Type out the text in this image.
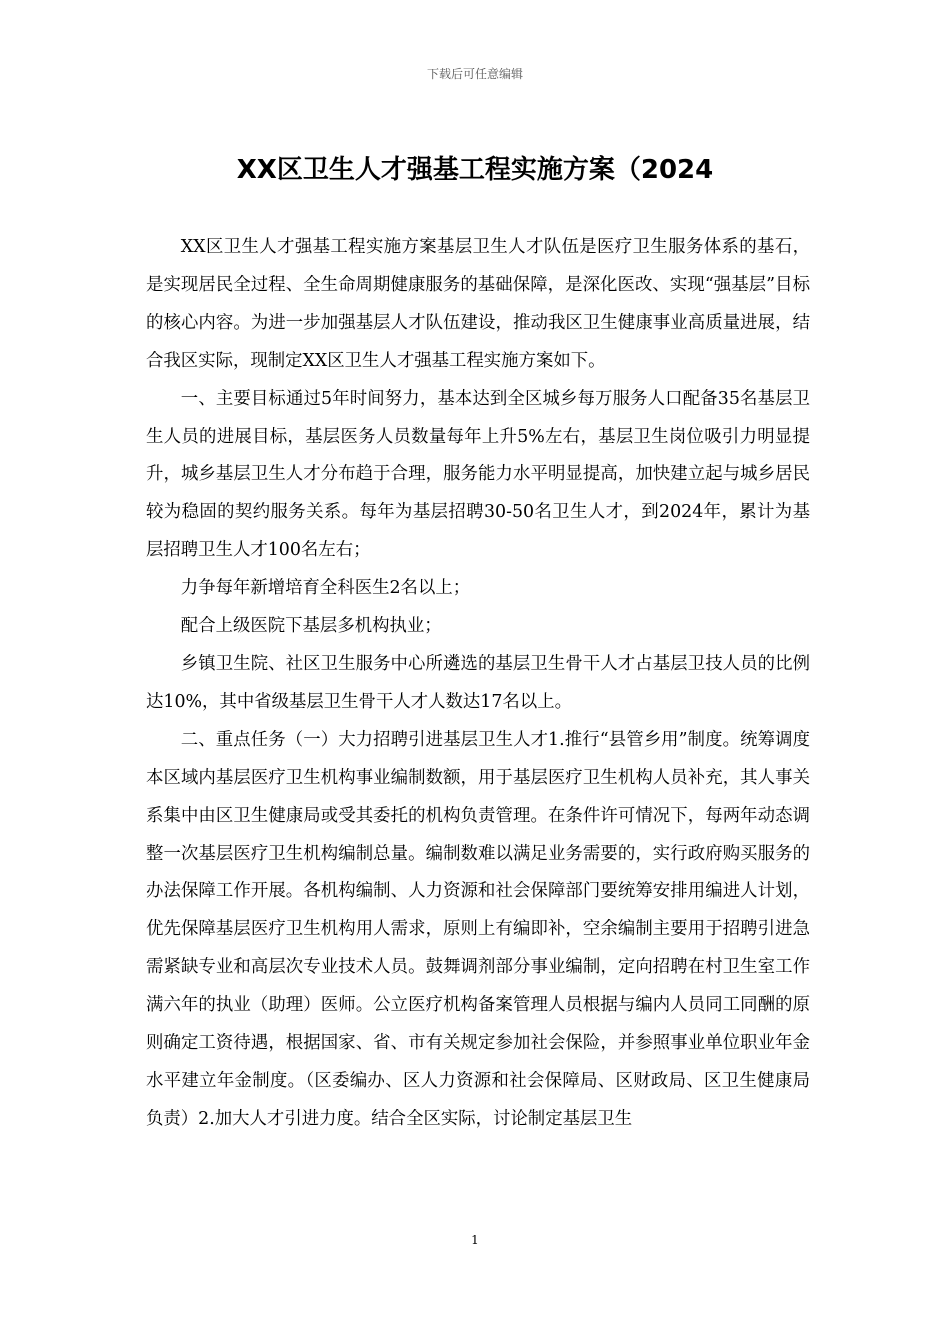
下载后可任意编辑
XX区卫生人才强基工程实施方案（2024

XX区卫生人才强基工程实施方案基层卫生人才队伍是医疗卫生服务体系的基石，是实现居民全过程、全生命周期健康服务的基础保障，是深化医改、实现“强基层”目标的核心内容。为进一步加强基层人才队伍建设，推动我区卫生健康事业高质量进展，结合我区实际，现制定XX区卫生人才强基工程实施方案如下。

一、主要目标通过5年时间努力，基本达到全区城乡每万服务人口配备35名基层卫生人员的进展目标，基层医务人员数量每年上升5%左右，基层卫生岗位吸引力明显提升，城乡基层卫生人才分布趋于合理，服务能力水平明显提高，加快建立起与城乡居民较为稳固的契约服务关系。每年为基层招聘30-50名卫生人才，到2024年，累计为基层招聘卫生人才100名左右；

力争每年新增培育全科医生2名以上；

配合上级医院下基层多机构执业；

乡镇卫生院、社区卫生服务中心所遴选的基层卫生骨干人才占基层卫技人员的比例达10%，其中省级基层卫生骨干人才人数达17名以上。

二、重点任务（一）大力招聘引进基层卫生人才1.推行“县管乡用”制度。统筹调度本区域内基层医疗卫生机构事业编制数额，用于基层医疗卫生机构人员补充，其人事关系集中由区卫生健康局或受其委托的机构负责管理。在条件许可情况下，每两年动态调整一次基层医疗卫生机构编制总量。编制数难以满足业务需要的，实行政府购买服务的办法保障工作开展。各机构编制、人力资源和社会保障部门要统筹安排用编进人计划，优先保障基层医疗卫生机构用人需求，原则上有编即补，空余编制主要用于招聘引进急需紧缺专业和高层次专业技术人员。鼓舞调剂部分事业编制，定向招聘在村卫生室工作满六年的执业（助理）医师。公立医疗机构备案管理人员根据与编内人员同工同酬的原则确定工资待遇，根据国家、省、市有关规定参加社会保险，并参照事业单位职业年金水平建立年金制度。（区委编办、区人力资源和社会保障局、区财政局、区卫生健康局负责）2.加大人才引进力度。结合全区实际，讨论制定基层卫生

1
